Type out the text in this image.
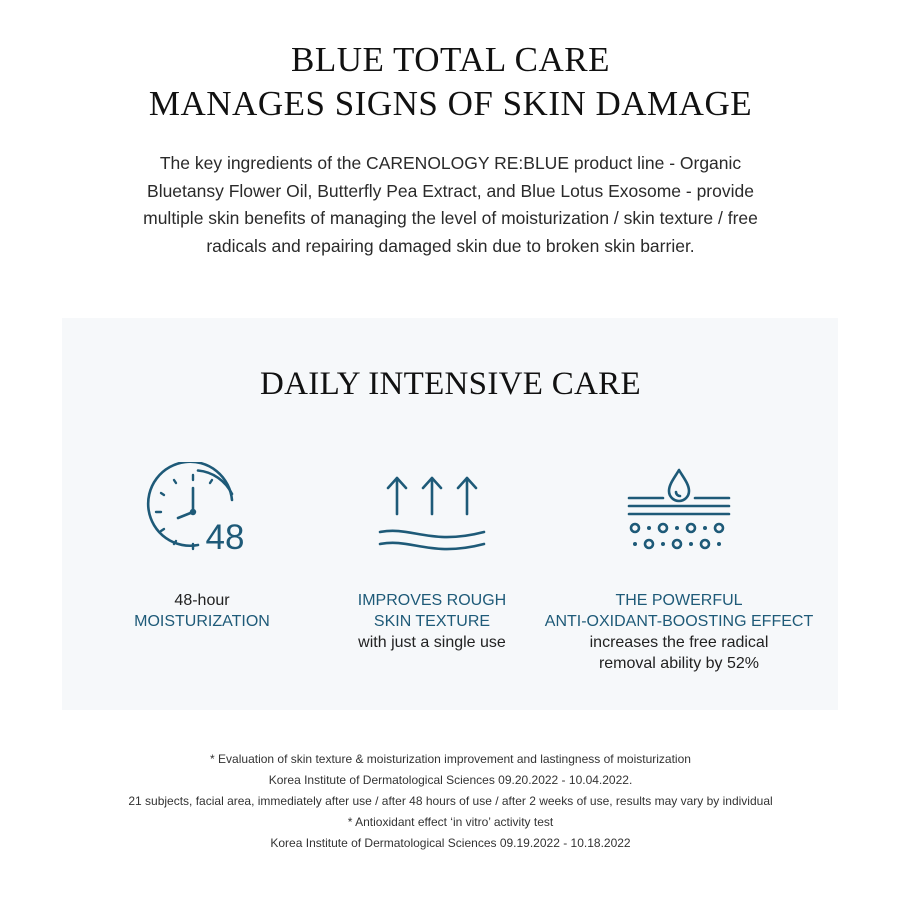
BLUE TOTAL CARE
MANAGES SIGNS OF SKIN DAMAGE
The key ingredients of the CARENOLOGY RE:BLUE product line - Organic
Bluetansy Flower Oil, Butterfly Pea Extract, and Blue Lotus Exosome - provide
multiple skin benefits of managing the level of moisturization / skin texture / free
radicals and repairing damaged skin due to broken skin barrier.
DAILY INTENSIVE CARE
48
48-hour
MOISTURIZATION
IMPROVES ROUGH
SKIN TEXTURE
with just a single use
THE POWERFUL
ANTI-OXIDANT-BOOSTING EFFECT
increases the free radical
removal ability by 52%
* Evaluation of skin texture & moisturization improvement and lastingness of moisturization
Korea Institute of Dermatological Sciences 09.20.2022 - 10.04.2022.
21 subjects, facial area, immediately after use / after 48 hours of use / after 2 weeks of use, results may vary by individual
* Antioxidant effect ‘in vitro’ activity test
Korea Institute of Dermatological Sciences 09.19.2022 - 10.18.2022
